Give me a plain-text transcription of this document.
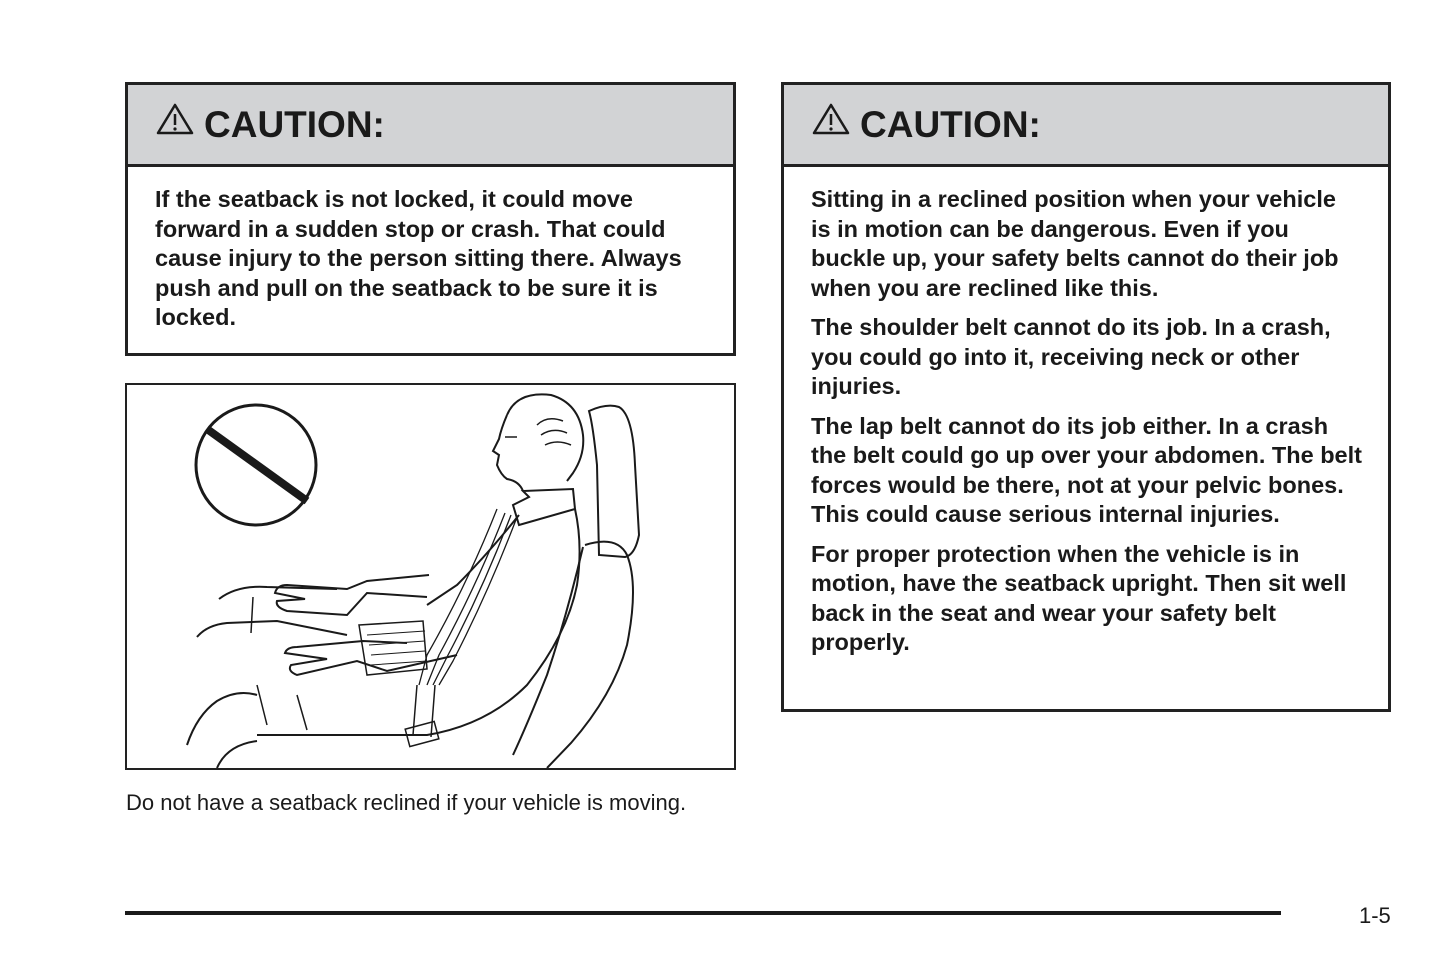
CAUTION:

If the seatback is not locked, it could move forward in a sudden stop or crash. That could cause injury to the person sitting there. Always push and pull on the seatback to be sure it is locked.

Do not have a seatback reclined if your vehicle is moving.
CAUTION:

Sitting in a reclined position when your vehicle is in motion can be dangerous. Even if you buckle up, your safety belts cannot do their job when you are reclined like this.

The shoulder belt cannot do its job. In a crash, you could go into it, receiving neck or other injuries.

The lap belt cannot do its job either. In a crash the belt could go up over your abdomen. The belt forces would be there, not at your pelvic bones. This could cause serious internal injuries.

For proper protection when the vehicle is in motion, have the seatback upright. Then sit well back in the seat and wear your safety belt properly.

1-5
